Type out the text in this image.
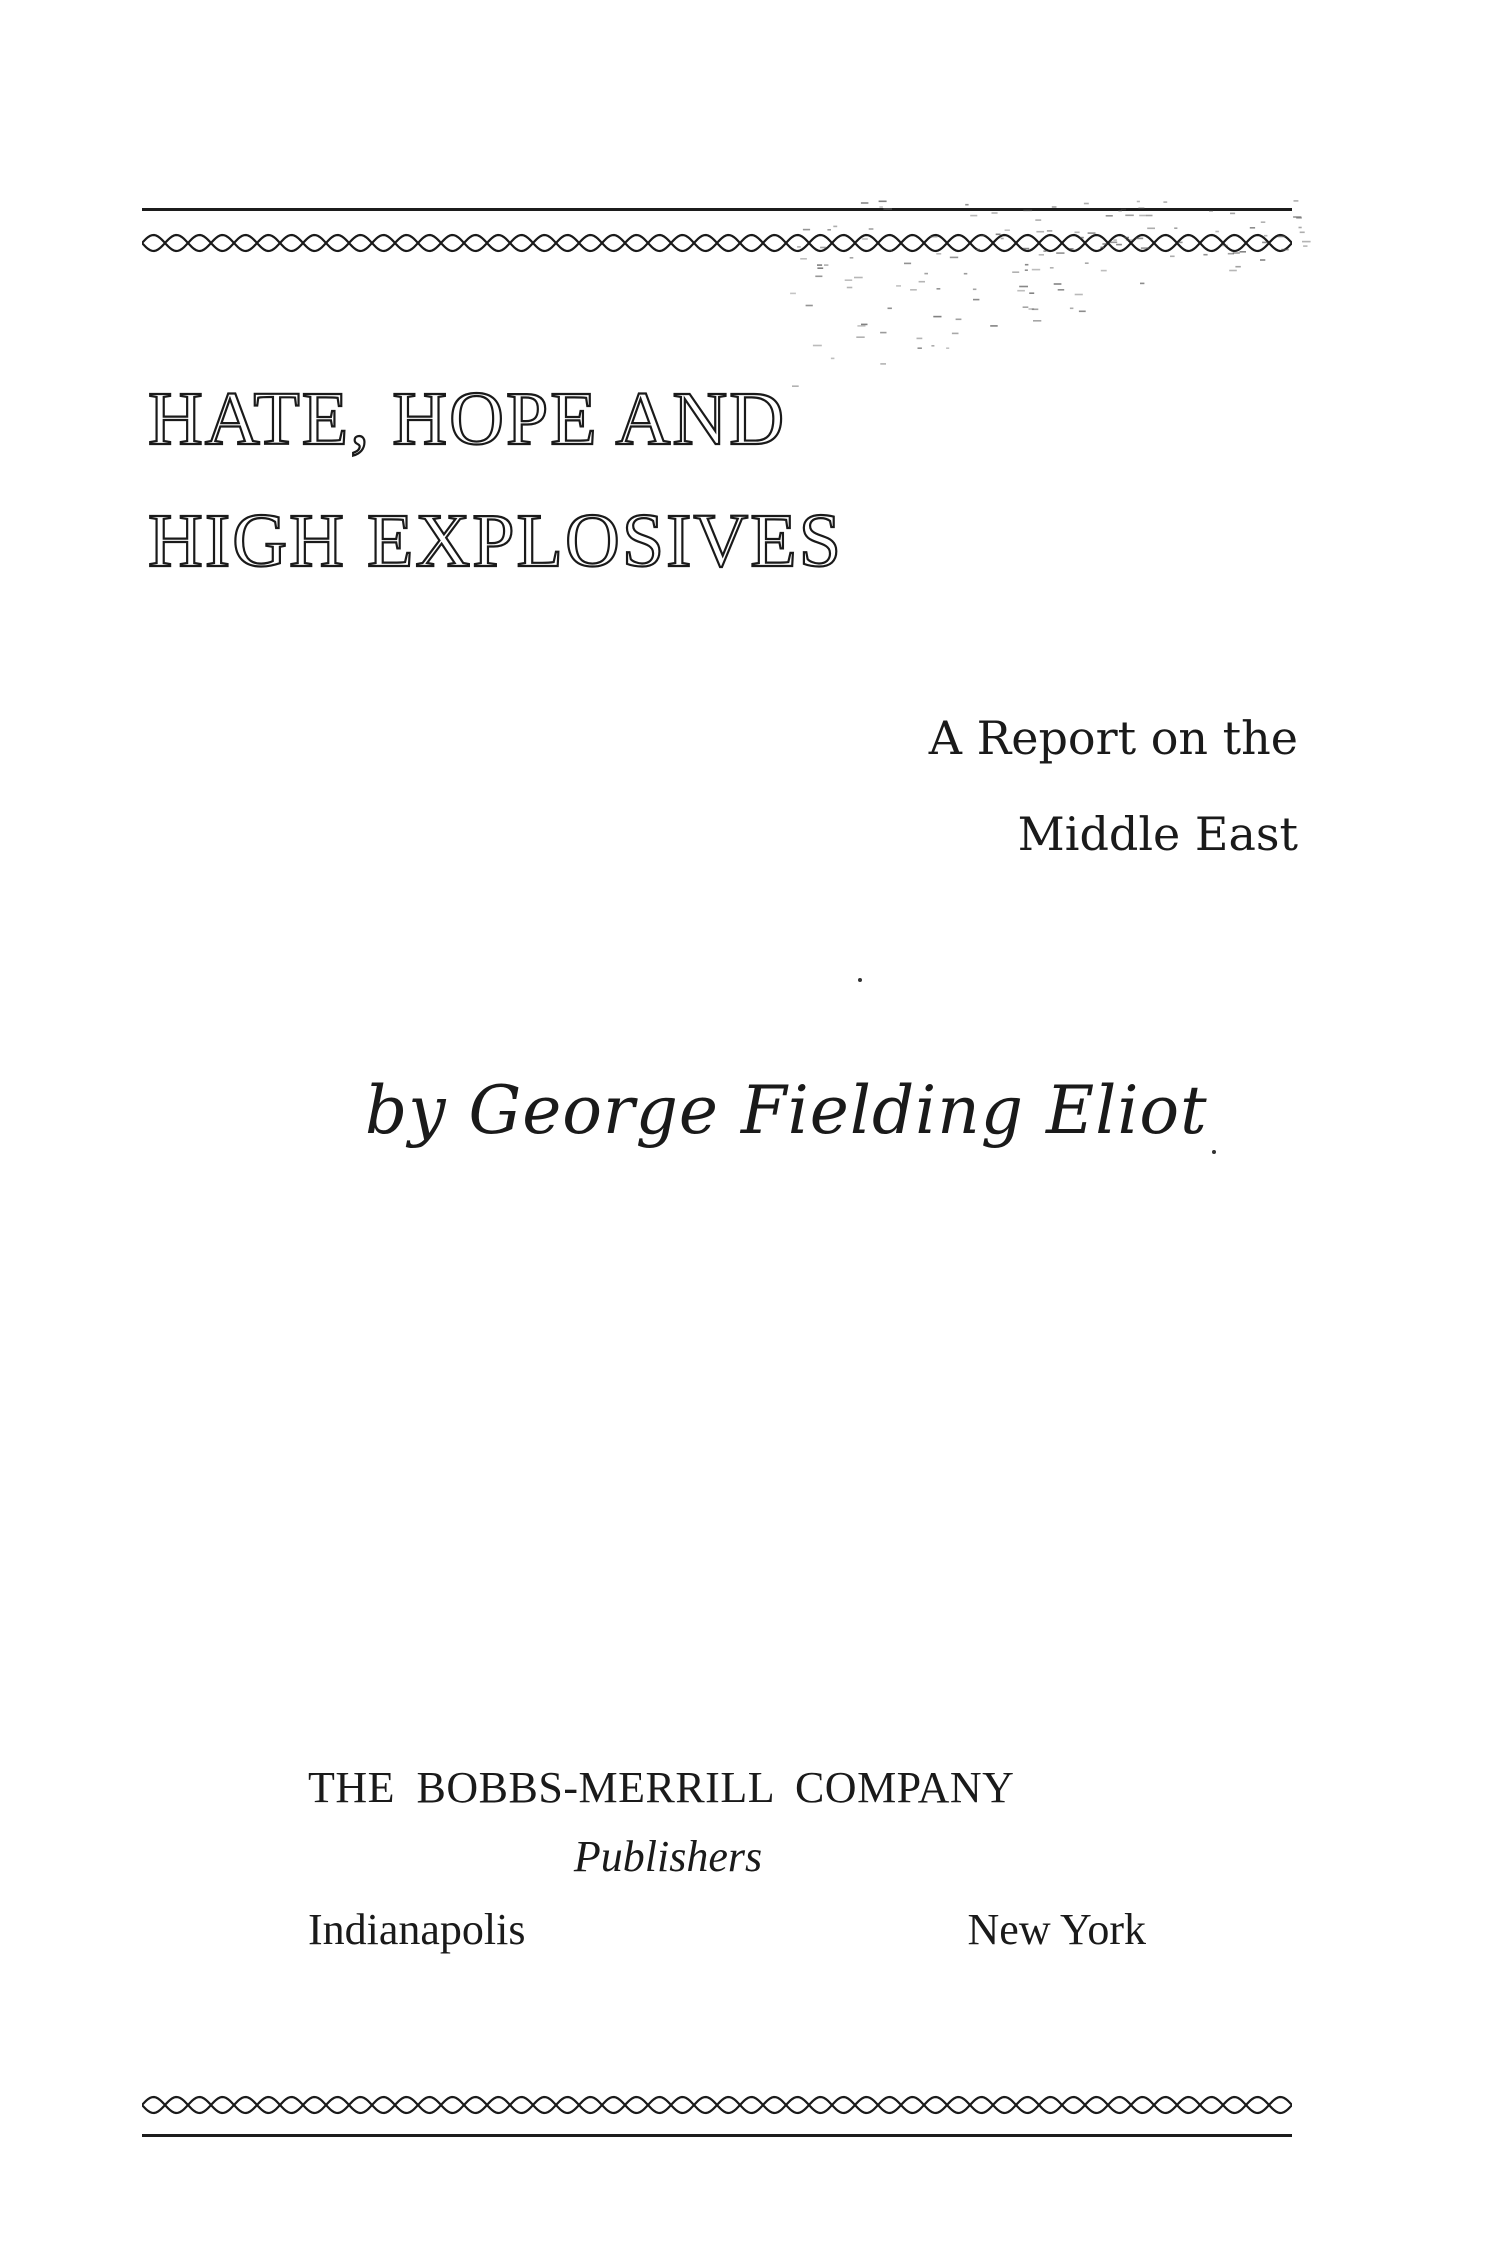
HATE, HOPE AND
HIGH EXPLOSIVES
A Report on the
Middle East
by George Fielding Eliot
THE BOBBS-MERRILL COMPANY
Publishers
Indianapolis	New York
